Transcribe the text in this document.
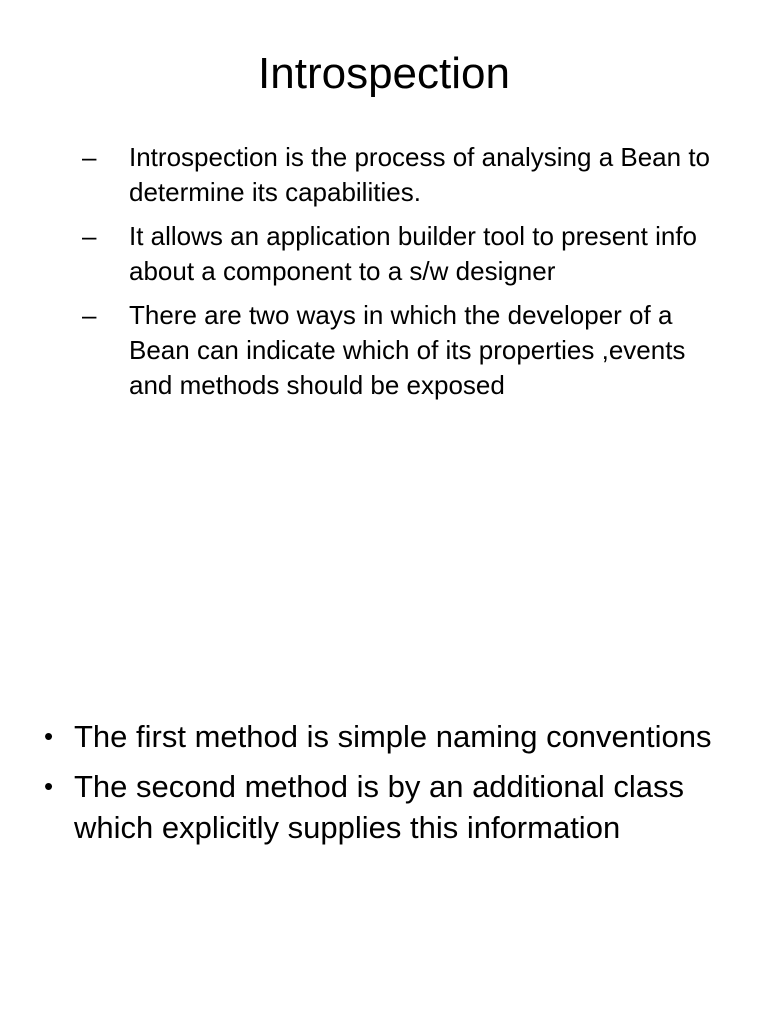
Introspection
– Introspection is the process of analysing a Bean to determine its capabilities.
– It allows an application builder tool to present info about a component to a s/w designer
– There are two ways in which the developer of a Bean can indicate which of its properties ,events and methods should be exposed
• The first method is simple naming conventions
• The second method is by an additional class which explicitly supplies this information
